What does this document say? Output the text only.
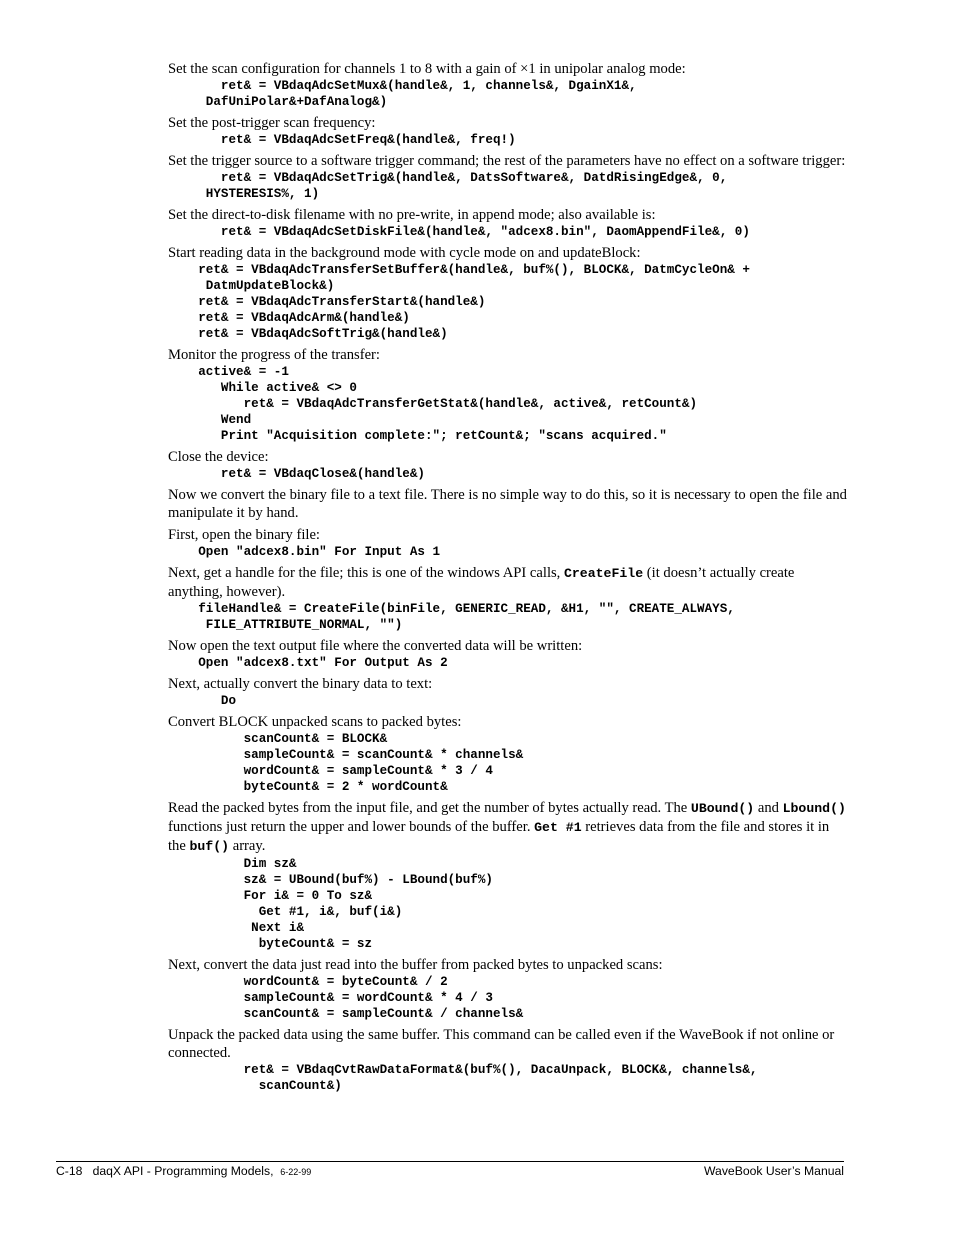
Set the scan configuration for channels 1 to 8 with a gain of ×1 in unipolar analog mode:

ret& = VBdaqAdcSetMux&(handle&, 1, channels&, DgainX1&,
DafUniPolar&+DafAnalog&)

Set the post-trigger scan frequency:

ret& = VBdaqAdcSetFreq&(handle&, freq!)

Set the trigger source to a software trigger command; the rest of the parameters have no effect on a software trigger:

ret& = VBdaqAdcSetTrig&(handle&, DatsSoftware&, DatdRisingEdge&, 0,
HYSTERESIS%, 1)

Set the direct-to-disk filename with no pre-write, in append mode; also available is:

ret& = VBdaqAdcSetDiskFile&(handle&, "adcex8.bin", DaomAppendFile&, 0)

Start reading data in the background mode with cycle mode on and updateBlock:

ret& = VBdaqAdcTransferSetBuffer&(handle&, buf%(), BLOCK&, DatmCycleOn& +
DatmUpdateBlock&)
ret& = VBdaqAdcTransferStart&(handle&)
ret& = VBdaqAdcArm&(handle&)
ret& = VBdaqAdcSoftTrig&(handle&)

Monitor the progress of the transfer:

active& = -1
While active& <> 0
ret& = VBdaqAdcTransferGetStat&(handle&, active&, retCount&)
Wend
Print "Acquisition complete:"; retCount&; "scans acquired."

Close the device:

ret& = VBdaqClose&(handle&)

Now we convert the binary file to a text file. There is no simple way to do this, so it is necessary to open the file and manipulate it by hand.

First, open the binary file:

Open "adcex8.bin" For Input As 1

Next, get a handle for the file; this is one of the windows API calls, CreateFile (it doesn’t actually create anything, however).

fileHandle& = CreateFile(binFile, GENERIC_READ, &H1, "", CREATE_ALWAYS,
FILE_ATTRIBUTE_NORMAL, "")

Now open the text output file where the converted data will be written:

Open "adcex8.txt" For Output As 2

Next, actually convert the binary data to text:

Do

Convert BLOCK unpacked scans to packed bytes:

scanCount& = BLOCK&
sampleCount& = scanCount& * channels&
wordCount& = sampleCount& * 3 / 4
byteCount& = 2 * wordCount&

Read the packed bytes from the input file, and get the number of bytes actually read. The UBound() and Lbound() functions just return the upper and lower bounds of the buffer. Get #1 retrieves data from the file and stores it in the buf() array.

Dim sz&
sz& = UBound(buf%) - LBound(buf%)
For i& = 0 To sz&
Get #1, i&, buf(i&)
Next i&
byteCount& = sz

Next, convert the data just read into the buffer from packed bytes to unpacked scans:

wordCount& = byteCount& / 2
sampleCount& = wordCount& * 4 / 3
scanCount& = sampleCount& / channels&

Unpack the packed data using the same buffer. This command can be called even if the WaveBook if not online or connected.

ret& = VBdaqCvtRawDataFormat&(buf%(), DacaUnpack, BLOCK&, channels&,
scanCount&)
C-18 daqX API - Programming Models, 6-22-99	WaveBook User’s Manual
